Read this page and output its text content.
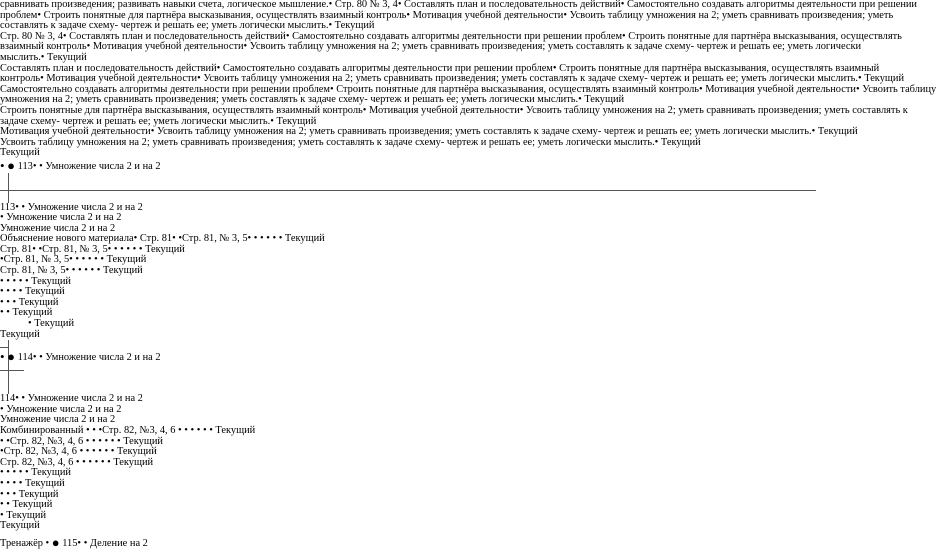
сравнивать произведения; развивать навыки счета, логическое мышление.• Стр. 80 № 3, 4• Составлять план и последовательность действий• Самостоятельно создавать алгоритмы деятельности при решении
проблем• Строить понятные для партнёра высказывания, осуществлять взаимный контроль• Мотивация учебной деятельности• Усвоить таблицу умножения на 2; уметь сравнивать произведения; уметь
составлять к задаче схему- чертеж и решать ее; уметь логически мыслить.• Текущий
Стр. 80 № 3, 4• Составлять план и последовательность действий• Самостоятельно создавать алгоритмы деятельности при решении проблем• Строить понятные для партнёра высказывания, осуществлять
взаимный контроль• Мотивация учебной деятельности• Усвоить таблицу умножения на 2; уметь сравнивать произведения; уметь составлять к задаче схему- чертеж и решать ее; уметь логически
мыслить.• Текущий
Составлять план и последовательность действий• Самостоятельно создавать алгоритмы деятельности при решении проблем• Строить понятные для партнёра высказывания, осуществлять взаимный
контроль• Мотивация учебной деятельности• Усвоить таблицу умножения на 2; уметь сравнивать произведения; уметь составлять к задаче схему- чертеж и решать ее; уметь логически мыслить.• Текущий
Самостоятельно создавать алгоритмы деятельности при решении проблем• Строить понятные для партнёра высказывания, осуществлять взаимный контроль• Мотивация учебной деятельности• Усвоить таблицу
умножения на 2; уметь сравнивать произведения; уметь составлять к задаче схему- чертеж и решать ее; уметь логически мыслить.• Текущий
Строить понятные для партнёра высказывания, осуществлять взаимный контроль• Мотивация учебной деятельности• Усвоить таблицу умножения на 2; уметь сравнивать произведения; уметь составлять к
задаче схему- чертеж и решать ее; уметь логически мыслить.• Текущий
Мотивация учебной деятельности• Усвоить таблицу умножения на 2; уметь сравнивать произведения; уметь составлять к задаче схему- чертеж и решать ее; уметь логически мыслить.• Текущий
Усвоить таблицу умножения на 2; уметь сравнивать произведения; уметь составлять к задаче схему- чертеж и решать ее; уметь логически мыслить.• Текущий
Текущий
• ● 113• • Умножение числа 2 и на 2
113• • Умножение числа 2 и на 2
• Умножение числа 2 и на 2
Умножение числа 2 и на 2
Объяснение нового материала• Стр. 81• •Стр. 81, № 3, 5• • • • • • Текущий
Стр. 81• •Стр. 81, № 3, 5• • • • • • Текущий
•Стр. 81, № 3, 5• • • • • • Текущий
Стр. 81, № 3, 5• • • • • • Текущий
• • • • • Текущий
• • • • Текущий
• • • Текущий
• • Текущий
• Текущий
Текущий
• ● 114• • Умножение числа 2 и на 2
114• • Умножение числа 2 и на 2
• Умножение числа 2 и на 2
Умножение числа 2 и на 2
Комбинированный • • •Стр. 82, №3, 4, 6 • • • • • • Текущий
• •Стр. 82, №3, 4, 6 • • • • • • Текущий
•Стр. 82, №3, 4, 6 • • • • • • Текущий
Стр. 82, №3, 4, 6 • • • • • • Текущий
• • • • • Текущий
• • • • Текущий
• • • Текущий
• • Текущий
• Текущий
Текущий
Тренажёр • ● 115• • Деление на 2
